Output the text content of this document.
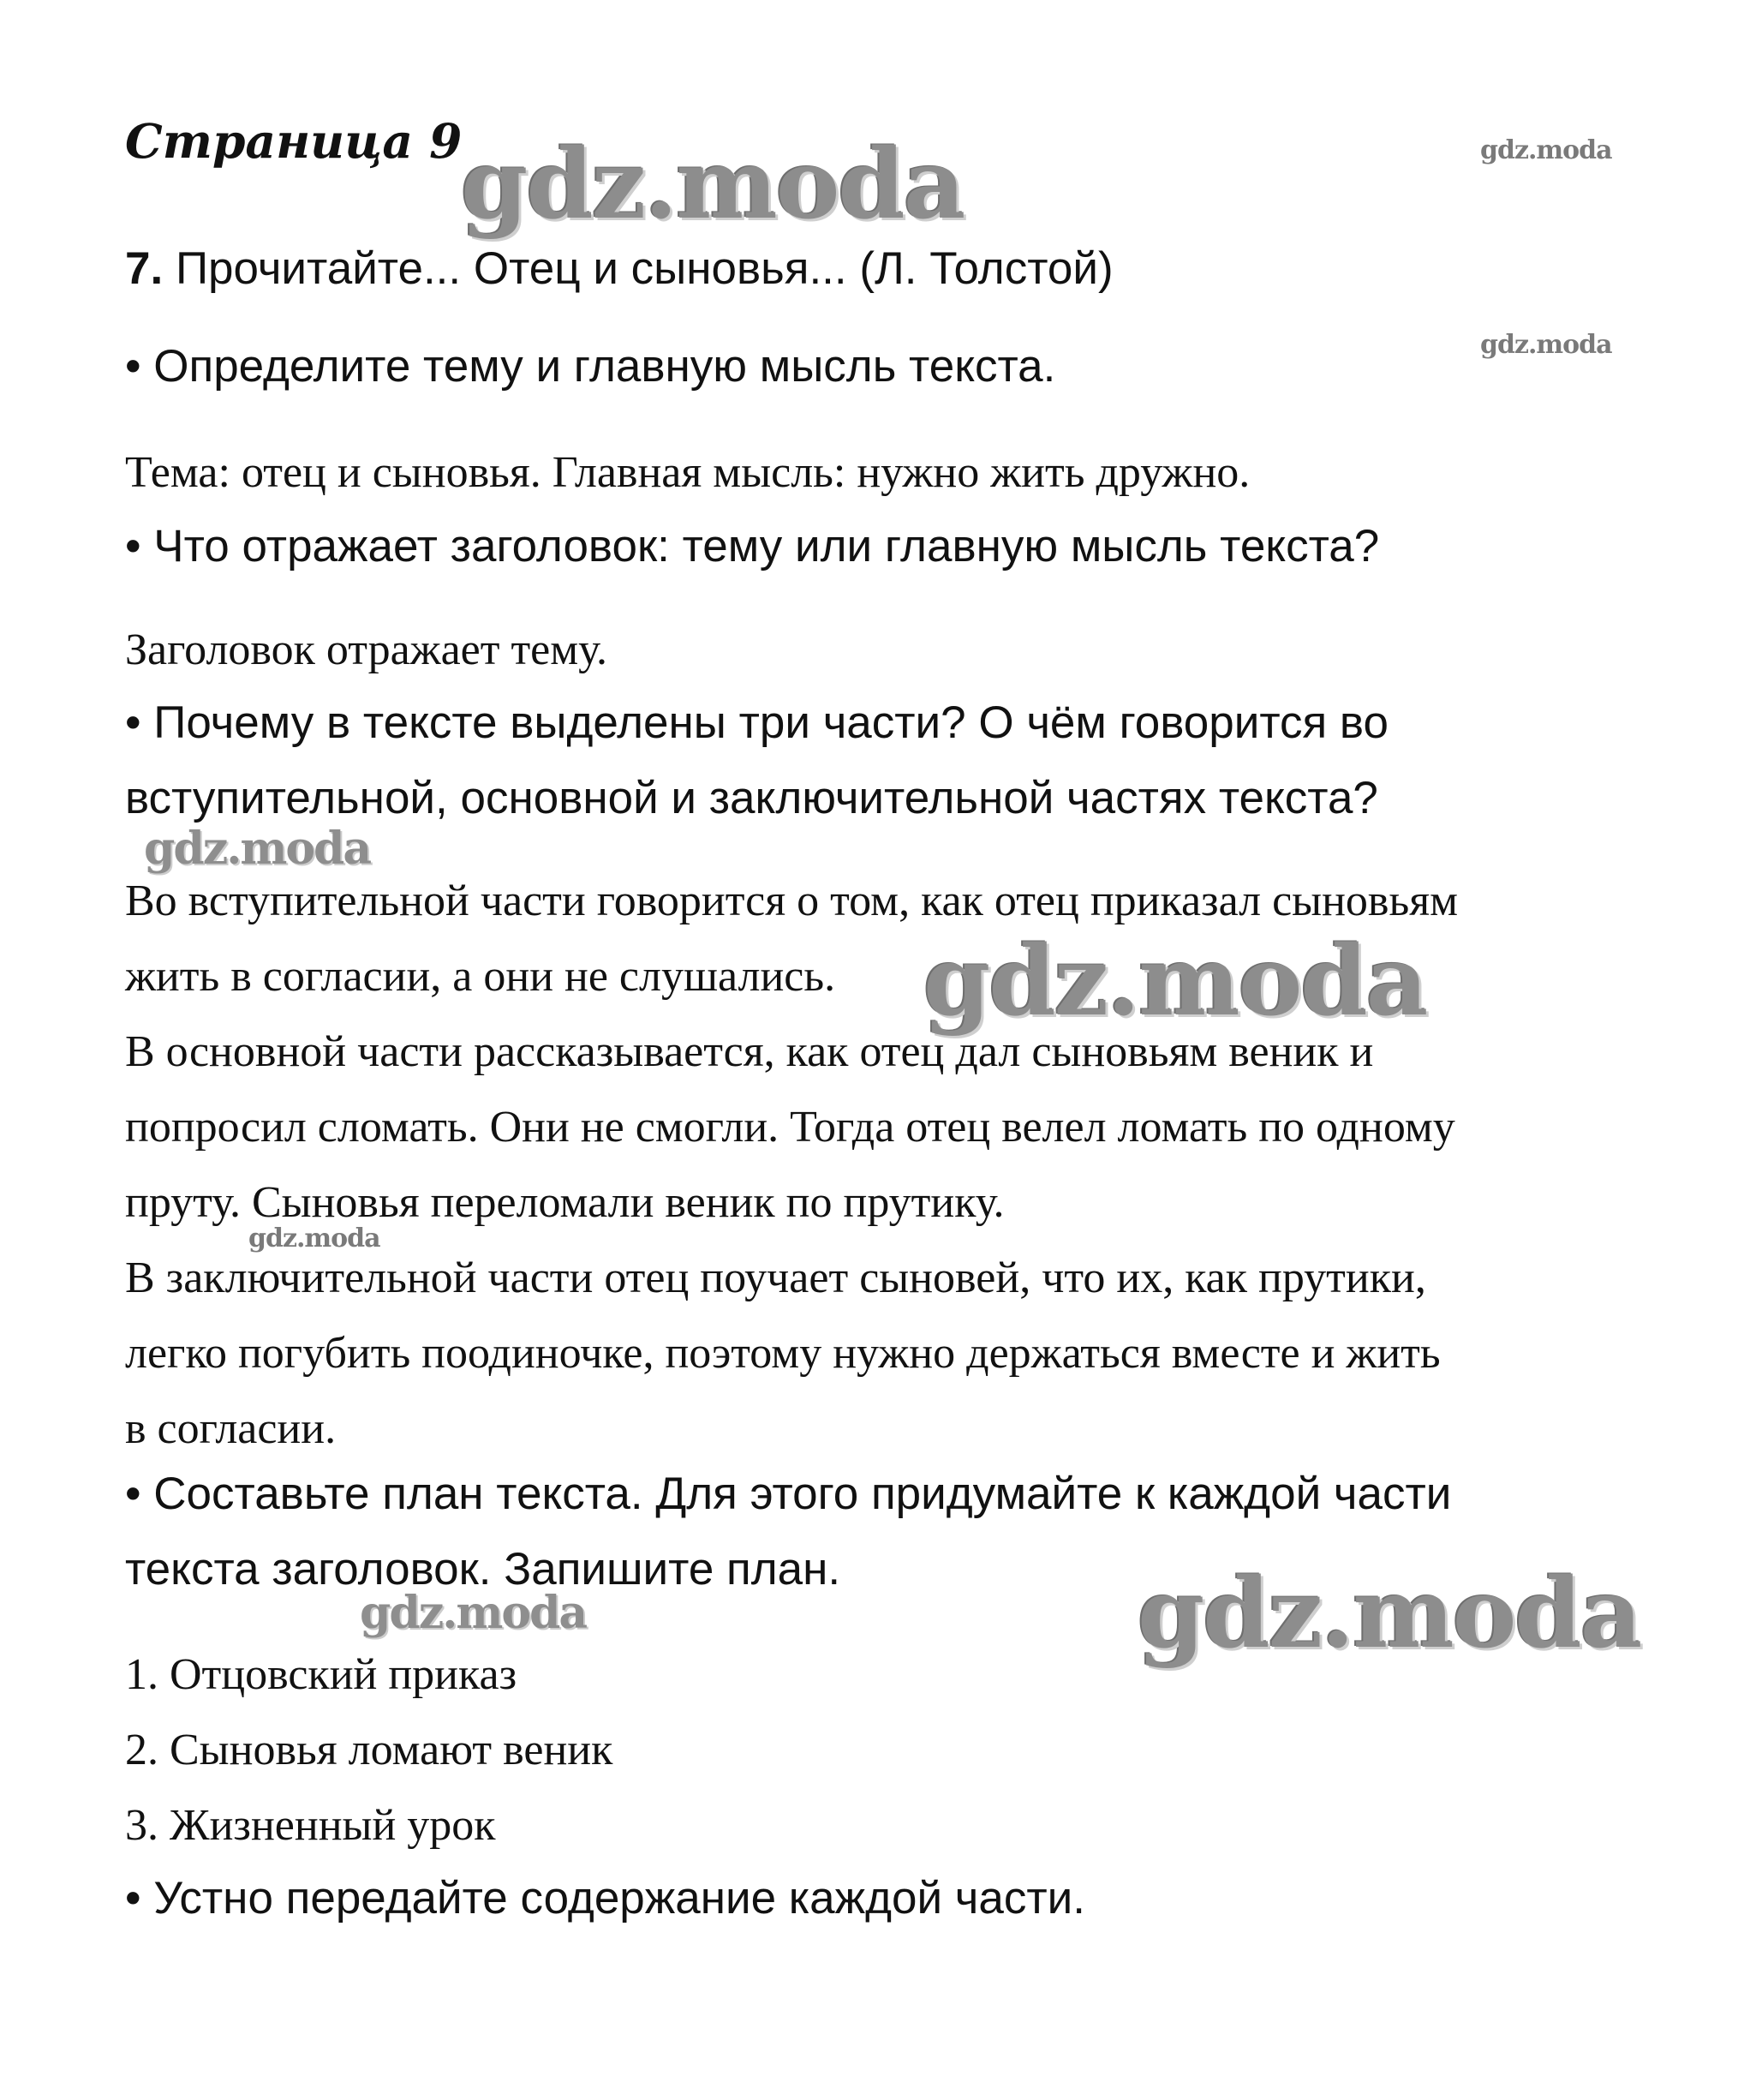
Страница 9
7. Прочитайте... Отец и сыновья... (Л. Толстой)
• Определите тему и главную мысль текста.
Тема: отец и сыновья. Главная мысль: нужно жить дружно.
• Что отражает заголовок: тему или главную мысль текста?
Заголовок отражает тему.
• Почему в тексте выделены три части? О чём говорится во
вступительной, основной и заключительной частях текста?
Во вступительной части говорится о том, как отец приказал сыновьям
жить в согласии, а они не слушались.
В основной части рассказывается, как отец дал сыновьям веник и
попросил сломать. Они не смогли. Тогда отец велел ломать по одному
пруту. Сыновья переломали веник по прутику.
В заключительной части отец поучает сыновей, что их, как прутики,
легко погубить поодиночке, поэтому нужно держаться вместе и жить
в согласии.
• Составьте план текста. Для этого придумайте к каждой части
текста заголовок. Запишите план.
1. Отцовский приказ
2. Сыновья ломают веник
3. Жизненный урок
• Устно передайте содержание каждой части.
gdz.moda	gdz.moda
gdz.moda
gdz.moda
gdz.moda
gdz.moda
gdz.moda
gdz.moda
